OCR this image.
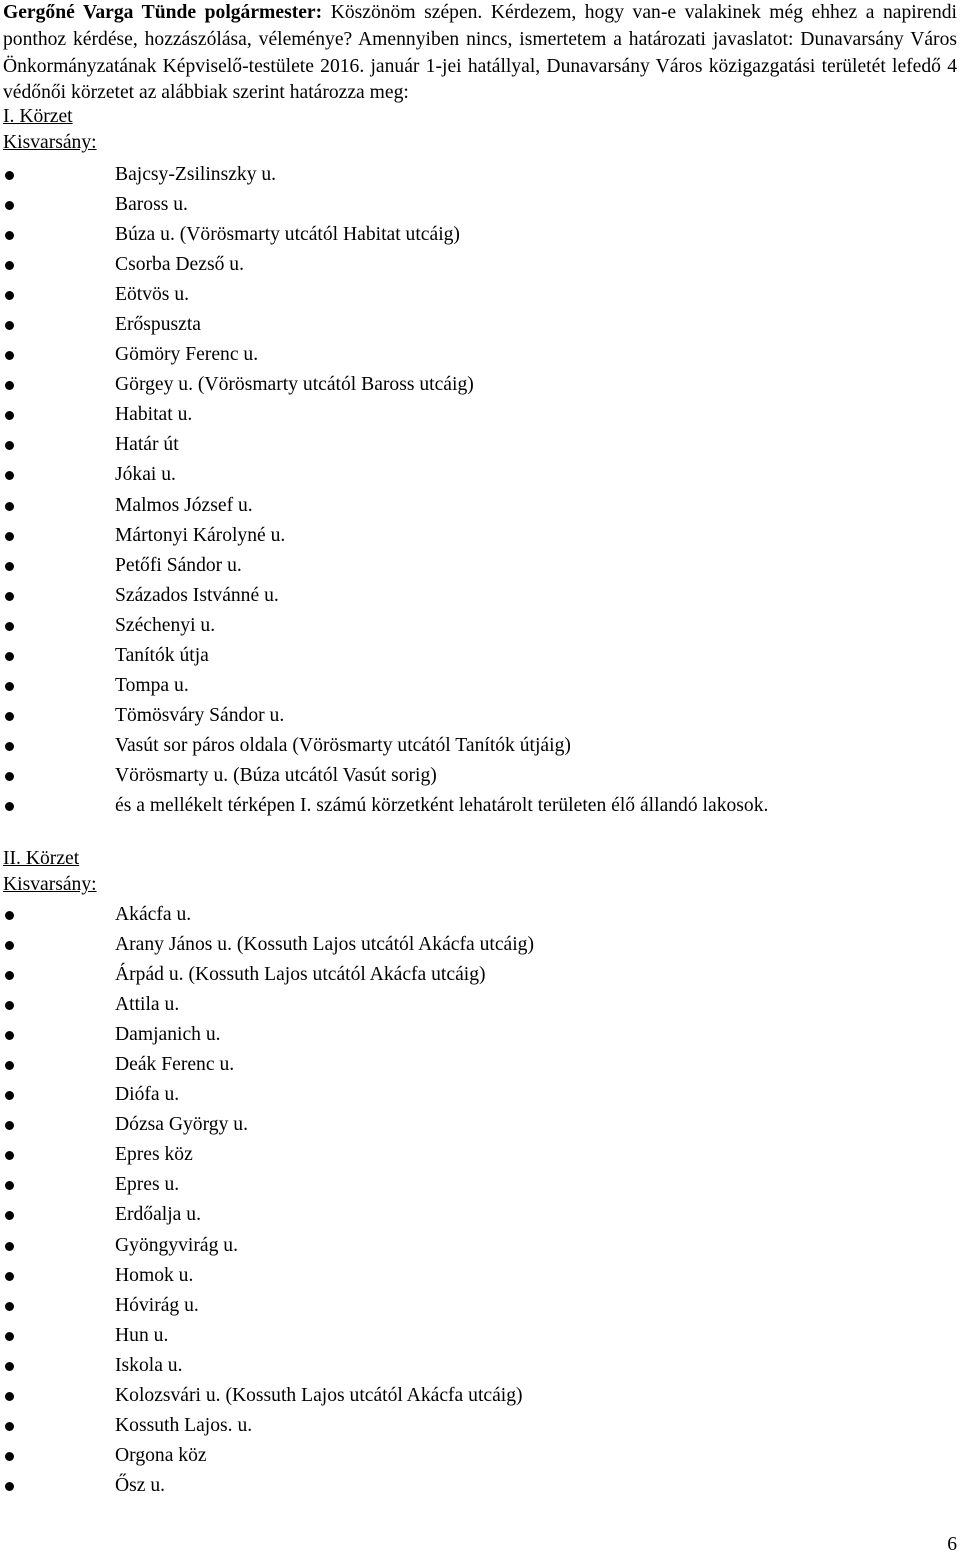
Gergőné Varga Tünde polgármester: Köszönöm szépen. Kérdezem, hogy van-e valakinek még ehhez a napirendi ponthoz kérdése, hozzászólása, véleménye? Amennyiben nincs, ismertetem a határozati javaslatot: Dunavarsány Város Önkormányzatának Képviselő-testülete 2016. január 1-jei hatállyal, Dunavarsány Város közigazgatási területét lefedő 4 védőnői körzetet az alábbiak szerint határozza meg:

I. Körzet
Kisvarsány:
Bajcsy-Zsilinszky u.
Baross u.
Búza u. (Vörösmarty utcától Habitat utcáig)
Csorba Dezső u.
Eötvös u.
Erőspuszta
Gömöry Ferenc u.
Görgey u. (Vörösmarty utcától Baross utcáig)
Habitat u.
Határ út
Jókai u.
Malmos József u.
Mártonyi Károlyné u.
Petőfi Sándor u.
Százados Istvánné u.
Széchenyi u.
Tanítók útja
Tompa u.
Tömösváry Sándor u.
Vasút sor páros oldala (Vörösmarty utcától Tanítók útjáig)
Vörösmarty u. (Búza utcától Vasút sorig)
és a mellékelt térképen I. számú körzetként lehatárolt területen élő állandó lakosok.
II. Körzet
Kisvarsány:
Akácfa u.
Arany János u. (Kossuth Lajos utcától Akácfa utcáig)
Árpád u. (Kossuth Lajos utcától Akácfa utcáig)
Attila u.
Damjanich u.
Deák Ferenc u.
Diófa u.
Dózsa György u.
Epres köz
Epres u.
Erdőalja u.
Gyöngyvirág u.
Homok u.
Hóvirág u.
Hun u.
Iskola u.
Kolozsvári u. (Kossuth Lajos utcától Akácfa utcáig)
Kossuth Lajos. u.
Orgona köz
Ősz u.
6
